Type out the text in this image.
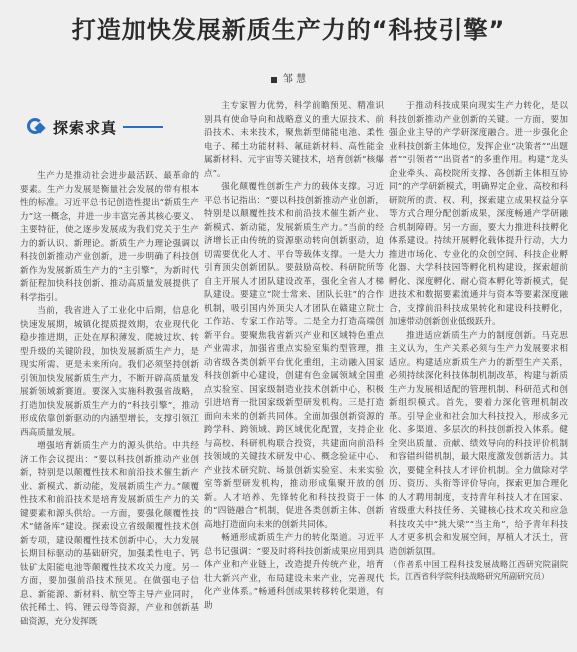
打造加快发展新质生产力的“科技引擎”
邹 慧
探索求真

生产力是推动社会进步最活跃、最革命的要素。生产力发展是衡量社会发展的带有根本性的标准。习近平总书记创造性提出“新质生产力”这一概念，并进一步丰富完善其核心要义、主要特征，使之逐步发展成为我们党关于生产力的新认识、新理论。新质生产力理论强调以科技创新推动产业创新，进一步明确了科技创新作为发展新质生产力的“主引擎”，为新时代新征程加快科技创新、推动高质量发展提供了科学指引。

当前，我省进入了工业化中后期，信息化快速发展期，城镇化提质提效期，农业现代化稳步推进期，正处在厚积薄发、爬坡过坎、转型升级的关键阶段，加快发展新质生产力，是现实所需、更是未来所向。我们必须坚持创新引领加快发展新质生产力，不断开辟高质量发展新领域新赛道。要深入实施科教强省战略，打造加快发展新质生产力的“科技引擎”，推动形成依靠创新驱动的内涵型增长，支撑引领江西高质量发展。

增强培育新质生产力的源头供给。中共经济工作会议提出：“要以科技创新推动产业创新，特别是以颠覆性技术和前沿技术催生新产业、新模式、新动能，发展新质生产力。”颠覆性技术和前沿技术是培育发展新质生产力的关键要素和源头供给。一方面，要强化颠覆性技术“储备库”建设。探索设立省级颠覆性技术创新专项，建设颠覆性技术创新中心，大力发展长期目标驱动的基础研究，加强柔性电子、钙钛矿太阳能电池等颠覆性技术攻关力度。另一方面，要加强前沿技术预见。在做强电子信息、新能源、新材料、航空等主导产业同时，依托稀土、钨、锂云母等资源，产业和创新基础资源，充分发挥既

主专家智力优势，科学前瞻预见、精准识别具有使命导向和战略意义的重大原技术、前沿技术、未来技术，聚焦新型储能电池、柔性电子、稀土功能材料、氟硅新材料、高性能金属新材料、元宇宙等关键技术，培育创新“核爆点”。

强化颠覆性创新生产力的载体支撑。习近平总书记指出：“要以科技创新推动产业创新，特别是以颠覆性技术和前沿技术催生新产业、新模式、新动能，发展新质生产力。”当前的经济增长正由传统的资源驱动转向创新驱动，迫切需要优化人才、平台等载体支撑。一是大力引育顶尖创新团队。要鼓励高校、科研院所等自主开展人才团队建设改革，强化全省人才梯队建设。要建立“院士常来、团队长驻”的合作机制，吸引国内外顶尖人才团队在赣建立院士工作站、专家工作站等。二是全力打造高端创新平台。要聚焦我省新兴产业和区域特色重点产业需求，加强省重点实验室集约型管理，推动省级各类创新平台优化重组，主动融入国家科技创新中心建设，创建有色金属领域全国重点实验室、国家级制造业技术创新中心，积极引进培育一批国家级新型研发机构。三是打造面向未来的创新共同体。全面加强创新资源的跨学科、跨领域、跨区域优化配置，支持企业与高校、科研机构联合投资，共建面向前沿科技领域的关键技术研发中心、概念验证中心、产业技术研究院、场景创新实验室、未来实验室等新型研发机构，推动形成集聚开放的创新。人才培养、先锋转化和科技投资于一体的“四链融合”机制，促进各类创新主体、创新高地打造面向未来的创新共同体。

畅通形成新质生产力的转化渠道。习近平总书记强调：“要及时将科技创新成果应用到具体产业和产业链上，改造提升传统产业，培育壮大新兴产业，布局建设未来产业，完善现代化产业体系。”畅通科创成果转移转化渠道，有助

于推动科技成果向现实生产力转化，是以科技创新推动产业创新的关键。一方面，要加强企业主导的产学研深度融合。进一步强化企业科技创新主体地位，发挥企业“决策者”“出题者”“引领者”“出资者”的多重作用。构建“龙头企业牵头、高校院所支撑、各创新主体相互协同”的产学研新模式，明确界定企业、高校和科研院所的责、权、利，探索建立成果权益分享等方式合理分配创新成果，深度畅通产学研融合机制障碍。另一方面，要大力推进科技孵化体系建设。持续开展孵化载体提升行动，大力推进市场化、专业化的众创空间、科技企业孵化器、大学科技园等孵化机构建设，探索超前孵化、深度孵化、耐心资本孵化等新模式，促进技术和数据要素流通并与资本等要素深度融合，支撑前沿科技成果转化和建设科技孵化，加速带动创新创业低级跃升。

推进适应新质生产力的制度创新。马克思主义认为，生产关系必须与生产力发展要求相适应。构建适应新质生产力的新型生产关系，必须持续深化科技体制机制改革，构建与新质生产力发展相适配的管理机制、科研范式和创新组织模式。首先，要着力深化管理机制改革。引导企业和社会加大科技投入，形成多元化、多渠道、多层次的科技创新投入体系。健全突出质量、贡献、绩效导向的科技评价机制和容错纠错机制，最大限度激发创新活力。其次，要健全科技人才评价机制。全力做除对学历、资历、头衔等评价导向，探索更加合理化的人才聘用制度，支持青年科技人才在国家、省级重大科技任务、关键核心技术攻关和应急科技攻关中“挑大梁”“当主角”，给予青年科技人才更多机会和发展空间，厚植人才沃土，营造创新氛围。

（作者系中国工程科技发展战略江西研究院副院长，江西省科学院科技战略研究所副研究员）
